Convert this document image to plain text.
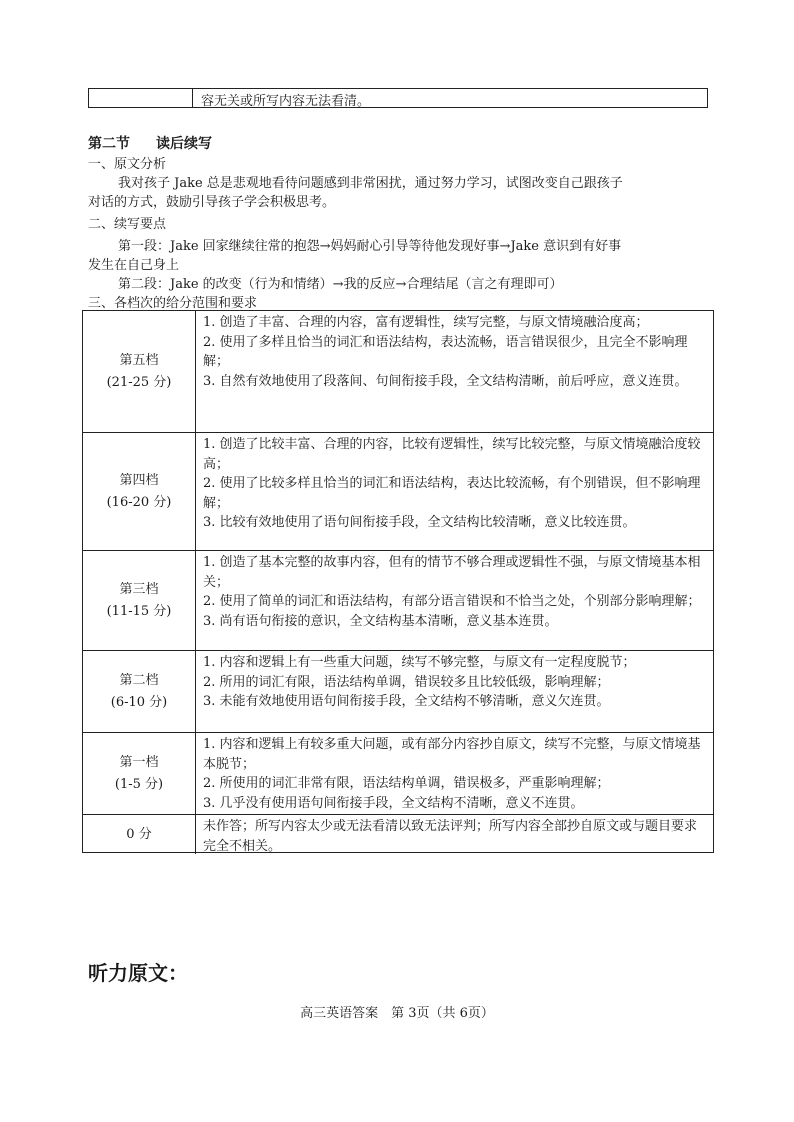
容无关或所写内容无法看清。
第二节 读后续写
一、原文分析
我对孩子 Jake 总是悲观地看待问题感到非常困扰，通过努力学习，试图改变自己跟孩子
对话的方式，鼓励引导孩子学会积极思考。
二、续写要点
第一段：Jake 回家继续往常的抱怨→妈妈耐心引导等待他发现好事→Jake 意识到有好事
发生在自己身上
第二段：Jake 的改变（行为和情绪）→我的反应→合理结尾（言之有理即可）
三、各档次的给分范围和要求
第五档
(21-25 分)

1. 创造了丰富、合理的内容，富有逻辑性，续写完整，与原文情境融洽度高；

2. 使用了多样且恰当的词汇和语法结构，表达流畅，语言错误很少，且完全不影响理解；

3. 自然有效地使用了段落间、句间衔接手段，全文结构清晰，前后呼应，意义连贯。

第四档
(16-20 分)

1. 创造了比较丰富、合理的内容，比较有逻辑性，续写比较完整，与原文情境融洽度较高；

2. 使用了比较多样且恰当的词汇和语法结构，表达比较流畅，有个别错误，但不影响理解；

3. 比较有效地使用了语句间衔接手段，全文结构比较清晰，意义比较连贯。

第三档
(11-15 分)

1. 创造了基本完整的故事内容，但有的情节不够合理或逻辑性不强，与原文情境基本相关；

2. 使用了简单的词汇和语法结构，有部分语言错误和不恰当之处，个别部分影响理解；

3. 尚有语句衔接的意识，全文结构基本清晰，意义基本连贯。

第二档
(6-10 分)

1. 内容和逻辑上有一些重大问题，续写不够完整，与原文有一定程度脱节；

2. 所用的词汇有限，语法结构单调，错误较多且比较低级，影响理解；

3. 未能有效地使用语句间衔接手段，全文结构不够清晰，意义欠连贯。

第一档
(1-5 分)

1. 内容和逻辑上有较多重大问题，或有部分内容抄自原文，续写不完整，与原文情境基本脱节；

2. 所使用的词汇非常有限，语法结构单调，错误极多，严重影响理解；

3. 几乎没有使用语句间衔接手段，全文结构不清晰，意义不连贯。

0 分	未作答；所写内容太少或无法看清以致无法评判；所写内容全部抄自原文或与题目要求完全不相关。

听力原文：
高三英语答案　第 3页（共 6页）
